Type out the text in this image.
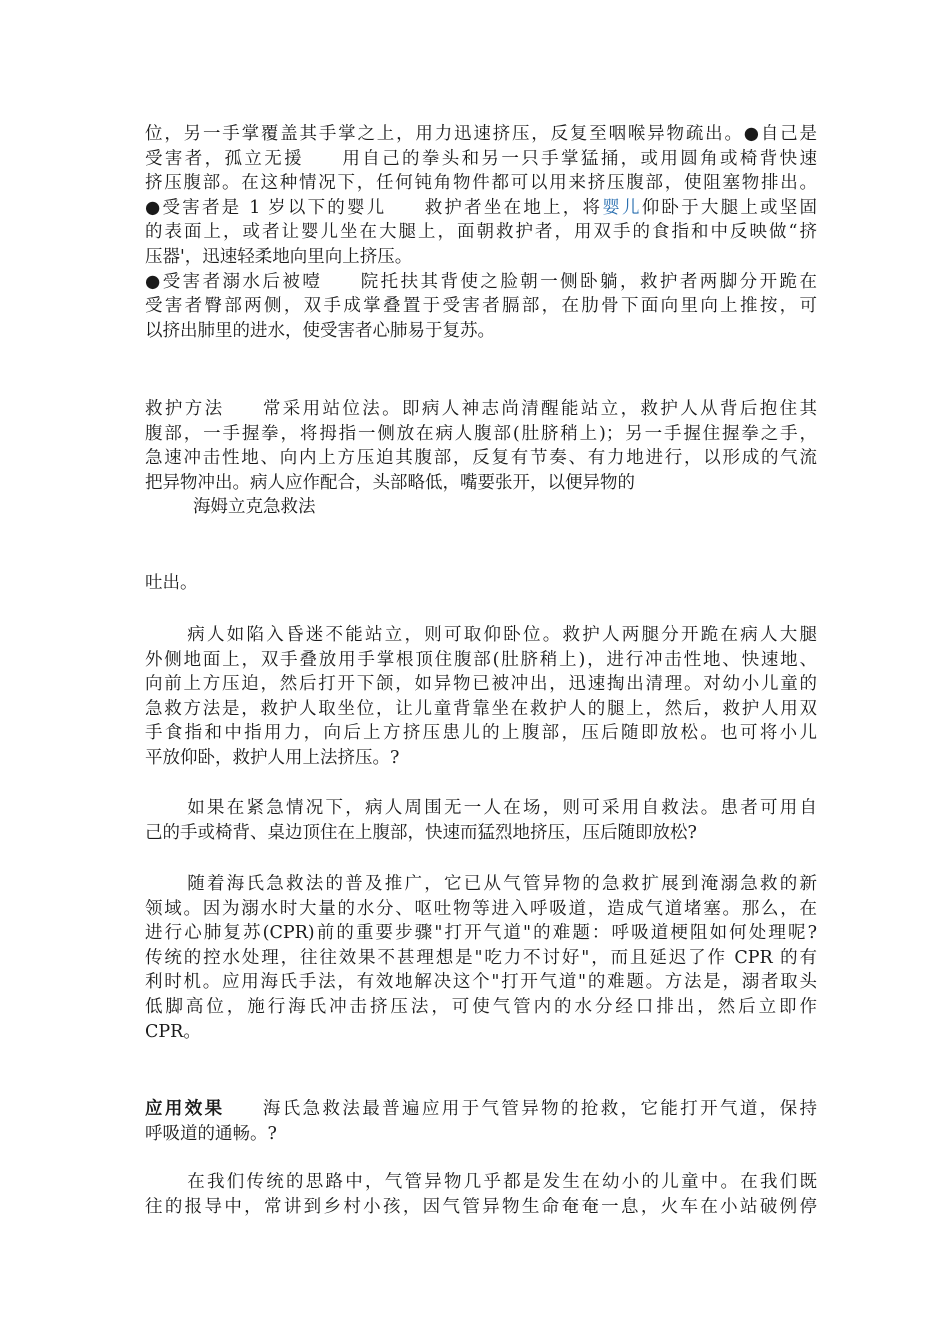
位，另一手掌覆盖其手掌之上，用力迅速挤压，反复至咽喉异物疏出。●自己是
受害者，孤立无援 用自己的拳头和另一只手掌猛捅，或用圆角或椅背快速
挤压腹部。在这种情况下，任何钝角物件都可以用来挤压腹部，使阻塞物排出。
●受害者是 1 岁以下的婴儿 救护者坐在地上，将婴儿仰卧于大腿上或坚固
的表面上，或者让婴儿坐在大腿上，面朝救护者，用双手的食指和中反映做“挤
压器'，迅速轻柔地向里向上挤压。
●受害者溺水后被噎 院托扶其背使之脸朝一侧卧躺，救护者两脚分开跪在
受害者臀部两侧，双手成掌叠置于受害者膈部，在肋骨下面向里向上推按，可
以挤出肺里的进水，使受害者心肺易于复苏。
救护方法 常采用站位法。即病人神志尚清醒能站立，救护人从背后抱住其
腹部，一手握拳，将拇指一侧放在病人腹部(肚脐稍上)；另一手握住握拳之手，
急速冲击性地、向内上方压迫其腹部，反复有节奏、有力地进行，以形成的气流
把异物冲出。病人应作配合，头部略低，嘴要张开，以便异物的
海姆立克急救法
吐出。
病人如陷入昏迷不能站立，则可取仰卧位。救护人两腿分开跪在病人大腿
外侧地面上，双手叠放用手掌根顶住腹部(肚脐稍上)，进行冲击性地、快速地、
向前上方压迫，然后打开下颌，如异物已被冲出，迅速掏出清理。对幼小儿童的
急救方法是，救护人取坐位，让儿童背靠坐在救护人的腿上，然后，救护人用双
手食指和中指用力，向后上方挤压患儿的上腹部，压后随即放松。也可将小儿
平放仰卧，救护人用上法挤压。?
如果在紧急情况下，病人周围无一人在场，则可采用自救法。患者可用自
己的手或椅背、桌边顶住在上腹部，快速而猛烈地挤压，压后随即放松?
随着海氏急救法的普及推广，它已从气管异物的急救扩展到淹溺急救的新
领域。因为溺水时大量的水分、呕吐物等进入呼吸道，造成气道堵塞。那么，在
进行心肺复苏(CPR)前的重要步骤"打开气道"的难题：呼吸道梗阻如何处理呢?
传统的控水处理，往往效果不甚理想是"吃力不讨好"，而且延迟了作 CPR 的有
利时机。应用海氏手法，有效地解决这个"打开气道"的难题。方法是，溺者取头
低脚高位，施行海氏冲击挤压法，可使气管内的水分经口排出，然后立即作
CPR。
应用效果 海氏急救法最普遍应用于气管异物的抢救，它能打开气道，保持
呼吸道的通畅。?
在我们传统的思路中，气管异物几乎都是发生在幼小的儿童中。在我们既
往的报导中，常讲到乡村小孩，因气管异物生命奄奄一息，火车在小站破例停
